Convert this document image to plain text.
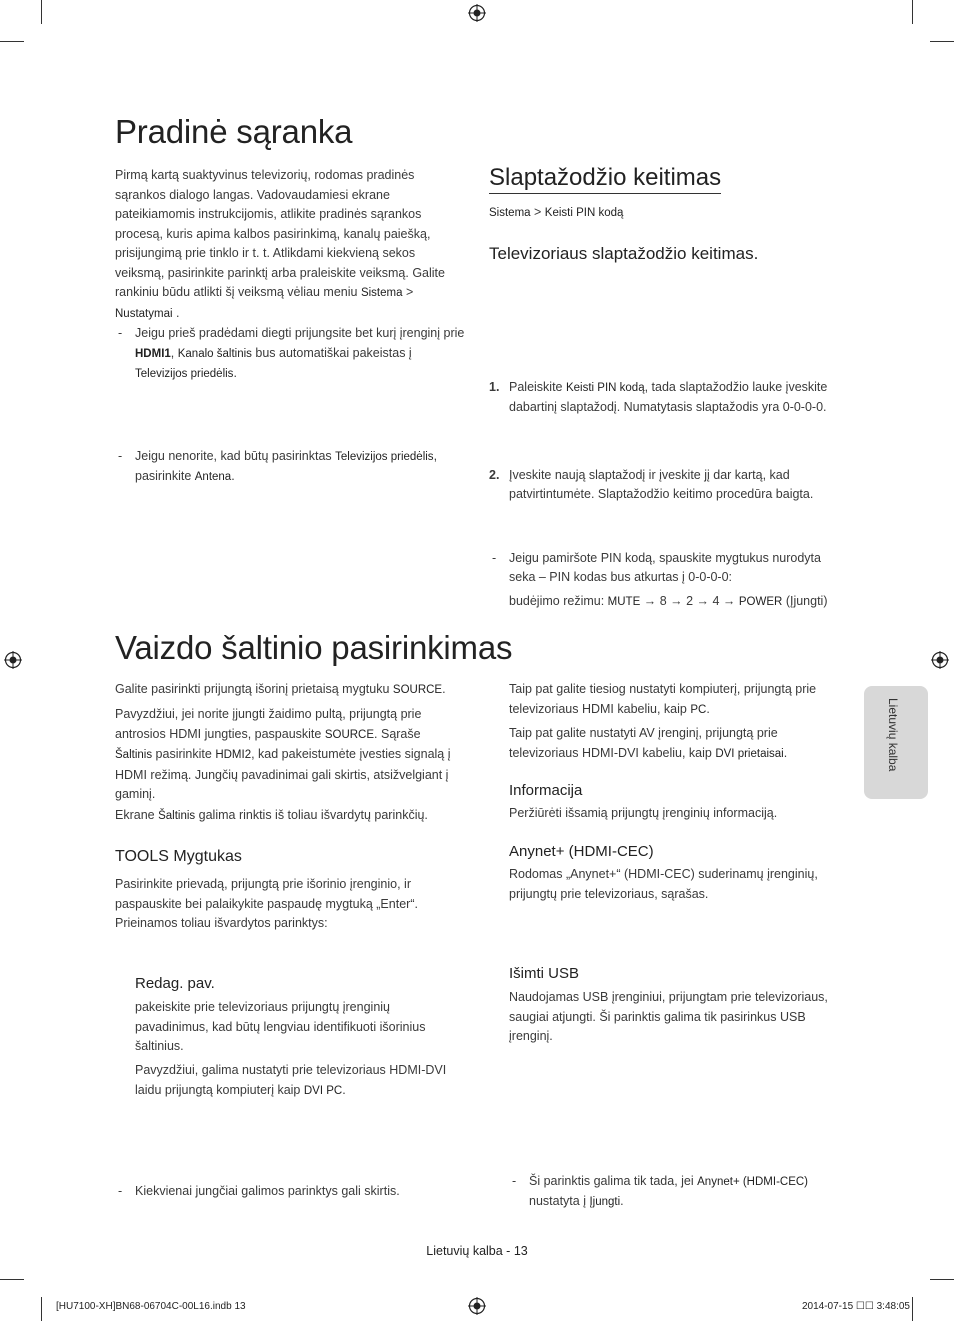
Pradinė sąranka
Pirmą kartą suaktyvinus televizorių, rodomas pradinės sąrankos dialogo langas. Vadovaudamiesi ekrane pateikiamomis instrukcijomis, atlikite pradinės sąrankos procesą, kuris apima kalbos pasirinkimą, kanalų paiešką, prisijungimą prie tinklo ir t. t. Atlikdami kiekvieną sekos veiksmą, pasirinkite parinktį arba praleiskite veiksmą. Galite rankiniu būdu atlikti šį veiksmą vėliau meniu Sistema > Nustatymai .
- Jeigu prieš pradėdami diegti prijungsite bet kurį įrenginį prie HDMI1, Kanalo šaltinis bus automatiškai pakeistas į Televizijos priedėlis.
- Jeigu nenorite, kad būtų pasirinktas Televizijos priedėlis, pasirinkite Antena.
Slaptažodžio keitimas
Sistema > Keisti PIN kodą
Televizoriaus slaptažodžio keitimas.
1. Paleiskite Keisti PIN kodą, tada slaptažodžio lauke įveskite dabartinį slaptažodį. Numatytasis slaptažodis yra 0-0-0-0.
2. Įveskite naują slaptažodį ir įveskite jį dar kartą, kad patvirtintumėte. Slaptažodžio keitimo procedūra baigta.
- Jeigu pamiršote PIN kodą, spauskite mygtukus nurodyta seka – PIN kodas bus atkurtas į 0-0-0-0:
budėjimo režimu: MUTE → 8 → 2 → 4 → POWER (Įjungti)
Vaizdo šaltinio pasirinkimas
Galite pasirinkti prijungtą išorinį prietaisą mygtuku SOURCE.
Pavyzdžiui, jei norite įjungti žaidimo pultą, prijungtą prie antrosios HDMI jungties, paspauskite SOURCE. Sąraše Šaltinis pasirinkite HDMI2, kad pakeistumėte įvesties signalą į HDMI režimą. Jungčių pavadinimai gali skirtis, atsižvelgiant į gaminį.
Ekrane Šaltinis galima rinktis iš toliau išvardytų parinkčių.
TOOLS Mygtukas
Pasirinkite prievadą, prijungtą prie išorinio įrenginio, ir paspauskite bei palaikykite paspaudę mygtuką „Enter“. Prieinamos toliau išvardytos parinktys:
- Kiekvienai jungčiai galimos parinktys gali skirtis.
Redag. pav.
pakeiskite prie televizoriaus prijungtų įrenginių pavadinimus, kad būtų lengviau identifikuoti išorinius šaltinius.
Pavyzdžiui, galima nustatyti prie televizoriaus HDMI-DVI laidu prijungtą kompiuterį kaip DVI PC.
Taip pat galite tiesiog nustatyti kompiuterį, prijungtą prie televizoriaus HDMI kabeliu, kaip PC.
Taip pat galite nustatyti AV įrenginį, prijungtą prie televizoriaus HDMI-DVI kabeliu, kaip DVI prietaisai.
Informacija
Peržiūrėti išsamią prijungtų įrenginių informaciją.
Anynet+ (HDMI-CEC)
Rodomas „Anynet+“ (HDMI-CEC) suderinamų įrenginių, prijungtų prie televizoriaus, sąrašas.
- Ši parinktis galima tik tada, jei Anynet+ (HDMI-CEC) nustatyta į Įjungti.
Išimti USB
Naudojamas USB įrenginiui, prijungtam prie televizoriaus, saugiai atjungti. Ši parinktis galima tik pasirinkus USB įrenginį.
Lietuvių kalba
Lietuvių kalba - 13
[HU7100-XH]BN68-06704C-00L16.indb 13	2014-07-15 ☐☐ 3:48:05
